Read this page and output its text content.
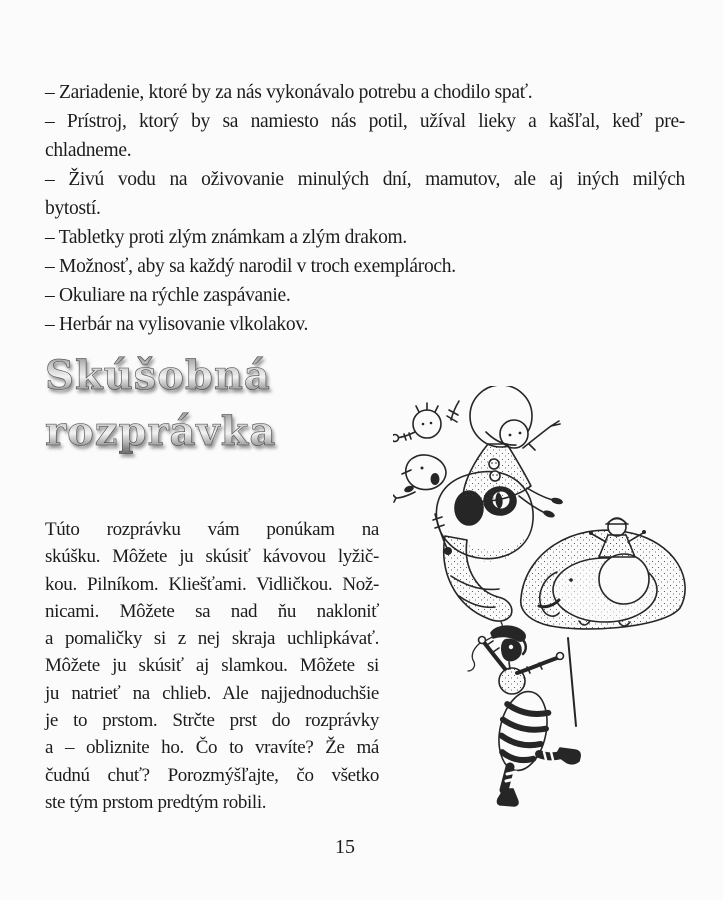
– Zariadenie, ktoré by za nás vykonávalo potrebu a chodilo spať.
– Prístroj, ktorý by sa namiesto nás potil, užíval lieky a kašľal, keď pre-
chladneme.
– Živú vodu na oživovanie minulých dní, mamutov, ale aj iných milých
bytostí.
– Tabletky proti zlým známkam a zlým drakom.
– Možnosť, aby sa každý narodil v troch exemplároch.
– Okuliare na rýchle zaspávanie.
– Herbár na vylisovanie vlkolakov.
Skúšobná
rozprávka
Túto rozprávku vám ponúkam na
skúšku. Môžete ju skúsiť kávovou lyžič-
kou. Pilníkom. Kliešťami. Vidličkou. Nož-
nicami. Môžete sa nad ňu nakloniť
a pomaličky si z nej skraja uchlipkávať.
Môžete ju skúsiť aj slamkou. Môžete si
ju natrieť na chlieb. Ale najjednoduchšie
je to prstom. Strčte prst do rozprávky
a – obliznite ho. Čo to vravíte? Že má
čudnú chuť? Porozmýšľajte, čo všetko
ste tým prstom predtým robili.
15
